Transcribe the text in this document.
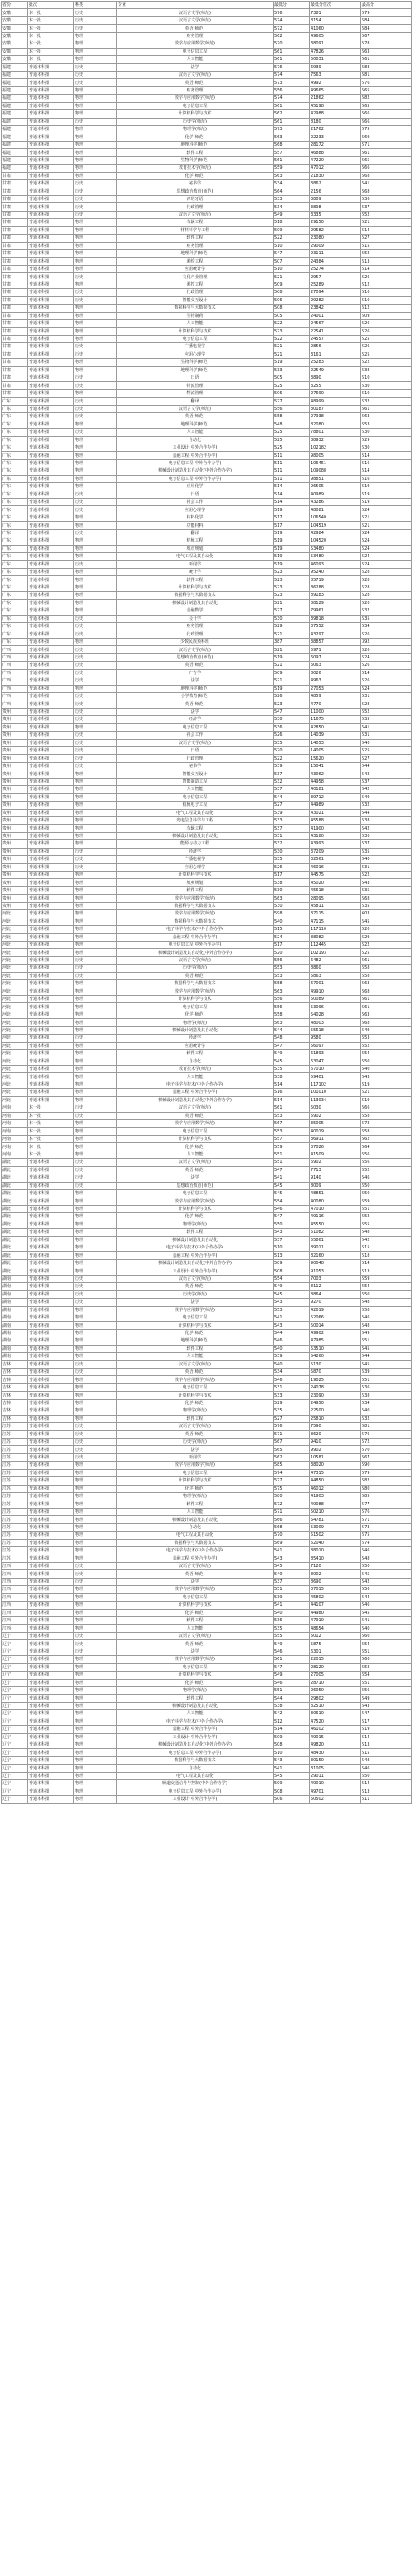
省份	批次	科类	专业	最低分	最低分位次	最高分
安徽	本一批	历史	汉语言文学(师范)	576	7381	579
安徽	本一批	历史	汉语言文学(师范)	574	8154	584
安徽	本一批	历史	英语(师范)	572	41060	584
安徽	本一批	物理	财务管理	562	49605	567
安徽	本一批	物理	数学与应用数学(师范)	570	38091	578
安徽	本一批	物理	电子信息工程	561	47826	563
安徽	本一批	物理	人工智能	561	50031	561
福建	普通本科批	历史	法学	576	6939	583
福建	普通本科批	历史	汉语言文学(师范)	574	7563	581
福建	普通本科批	历史	英语(师范)	573	4992	576
福建	普通本科批	物理	财务管理	556	49665	565
福建	普通本科批	物理	数学与应用数学(师范)	574	21862	582
福建	普通本科批	物理	电子信息工程	561	45198	565
福建	普通本科批	物理	计算机科学与技术	562	42988	566
福建	普通本科批	历史	历史学(师范)	561	8180	566
福建	普通本科批	物理	物理学(师范)	573	21762	575
福建	普通本科批	物理	化学(师范)	563	22233	569
福建	普通本科批	物理	地理科学(师范)	568	28172	571
福建	普通本科批	物理	软件工程	557	46888	561
福建	普通本科批	物理	生物科学(师范)	561	47220	565
福建	普通本科批	物理	教育技术学(师范)	559	47012	566
甘肃	普通本科批	物理	化学(师范)	563	21830	568
甘肃	普通本科批	历史	秘书学	534	3862	541
甘肃	普通本科批	历史	思想政治教育(师范)	564	2156	568
甘肃	普通本科批	历史	西班牙语	533	3809	536
甘肃	普通本科批	历史	行政管理	534	3898	537
甘肃	普通本科批	历史	汉语言文学(师范)	549	3335	552
甘肃	普通本科批	物理	车辆工程	518	29150	521
甘肃	普通本科批	物理	材料科学与工程	509	29582	514
甘肃	普通本科批	物理	软件工程	522	23080	527
甘肃	普通本科批	物理	财务管理	510	29009	515
甘肃	普通本科批	物理	地理科学(师范)	547	23111	552
甘肃	普通本科批	物理	测绘工程	507	24384	513
甘肃	普通本科批	物理	应用统计学	510	25274	514
甘肃	普通本科批	历史	文化产业管理	521	2957	526
甘肃	普通本科批	物理	测控工程	509	25289	512
甘肃	普通本科批	历史	行政管理	508	27094	510
甘肃	普通本科批	历史	智能交互设计	506	29282	510
甘肃	普通本科批	物理	数据科学与大数据技术	508	23842	512
甘肃	普通本科批	物理	生物制药	505	24001	509
甘肃	普通本科批	物理	人工智能	522	24567	526
甘肃	普通本科批	物理	计算机科学与技术	523	22541	526
甘肃	普通本科批	物理	电子信息工程	522	24557	525
甘肃	普通本科批	历史	广播电视学	521	2856	526
甘肃	普通本科批	历史	应用心理学	521	3161	525
甘肃	普通本科批	物理	生物科学(师范)	519	25283	522
甘肃	普通本科批	物理	地理科学(师范)	533	22549	538
甘肃	普通本科批	历史	日语	505	3890	510
甘肃	普通本科批	历史	物流管理	525	3255	530
甘肃	普通本科批	物理	物流管理	506	27690	510
广东	普通本科批	历史	翻译	527	48999	532
广东	普通本科批	历史	汉语言文学(师范)	556	30187	561
广东	普通本科批	历史	英语(师范)	558	27938	563
广东	普通本科批	物理	地理科学(师范)	548	82080	553
广东	普通本科批	历史	人工智能	525	78801	530
广东	普通本科批	物理	自动化	525	88932	529
广东	普通本科批	物理	工业设计(中外合作办学)	525	102182	530
广东	普通本科批	物理	金融工程(中外合作办学)	511	98005	514
广东	普通本科批	物理	电子信息工程(中外合作办学)	511	106451	516
广东	普通本科批	物理	机械设计制造及其自动化(中外合作办学)	511	109088	514
广东	普通本科批	物理	电子信息工程(中外合作办学)	511	98851	516
广东	普通本科批	物理	应用化学	514	96505	519
广东	普通本科批	历史	日语	514	40989	519
广东	普通本科批	历史	社会工作	514	43286	519
广东	普通本科批	历史	应用心理学	519	48081	524
广东	普通本科批	物理	材料化学	517	106540	521
广东	普通本科批	物理	功能材料	517	104519	521
广东	普通本科批	历史	翻译	519	42984	524
广东	普通本科批	物理	机械工程	519	104520	524
广东	普通本科批	物理	城市规划	519	53480	524
广东	普通本科批	物理	电气工程及其自动化	519	53480	524
广东	普通本科批	历史	新闻学	519	46093	524
广东	普通本科批	物理	统计学	523	95240	528
广东	普通本科批	物理	软件工程	523	85719	528
广东	普通本科批	物理	计算机科学与技术	523	86288	528
广东	普通本科批	物理	数据科学与大数据技术	523	89183	528
广东	普通本科批	物理	机械设计制造及其自动化	521	88129	526
广东	普通本科批	物理	金融数学	527	79961	532
广东	普通本科批	历史	会计学	530	39818	535
广东	普通本科批	历史	财务管理	529	37552	534
广东	普通本科批	历史	行政管理	521	43297	526
广东	普通本科批	物理	少数民族预科班	387	38857	392
广西	普通本科批	历史	汉语言文学(师范)	521	5971	526
广西	普通本科批	历史	思想政治教育(师范)	519	6097	524
广西	普通本科批	历史	英语(师范)	521	6063	526
广西	普通本科批	历史	广告学	509	8026	514
广西	普通本科批	历史	法学	521	4963	526
广西	普通本科批	物理	地理科学(师范)	519	27053	524
广西	普通本科批	历史	小学教育(师范)	526	4859	531
广西	普通本科批	历史	英语(师范)	523	4770	528
贵州	普通本科批	历史	法学	547	11000	552
贵州	普通本科批	历史	经济学	530	11675	535
贵州	普通本科批	物理	电子信息工程	536	42850	541
贵州	普通本科批	历史	社会工作	526	14039	531
贵州	普通本科批	历史	汉语言文学(师范)	535	14053	540
贵州	普通本科批	历史	日语	520	14005	525
贵州	普通本科批	历史	行政管理	522	15620	527
贵州	普通本科批	历史	秘书学	539	15041	544
贵州	普通本科批	物理	智能交互设计	537	43062	542
贵州	普通本科批	物理	智能制造工程	532	44958	537
贵州	普通本科批	物理	人工智能	537	40181	542
贵州	普通本科批	物理	电子信息工程	544	39712	549
贵州	普通本科批	物理	机械电子工程	527	44989	532
贵州	普通本科批	物理	电气工程及其自动化	539	43021	544
贵州	普通本科批	物理	光电信息科学与工程	533	45588	538
贵州	普通本科批	物理	车辆工程	537	41900	542
贵州	普通本科批	物理	机械设计制造及其自动化	531	43180	536
贵州	普通本科批	物理	能源与动力工程	532	43993	537
贵州	普通本科批	历史	经济学	530	37209	535
贵州	普通本科批	历史	广播电视学	535	32561	540
贵州	普通本科批	历史	应用心理学	526	46016	531
贵州	普通本科批	物理	计算机科学与技术	517	44575	522
贵州	普通本科批	物理	城乡规划	538	45020	543
贵州	普通本科批	物理	软件工程	530	45618	535
贵州	普通本科批	物理	数学与应用数学(师范)	563	28095	568
贵州	普通本科批	物理	数据科学与大数据技术	530	45811	535
河北	普通本科批	物理	数学与应用数学(师范)	598	37115	603
河北	普通本科批	物理	数据科学与大数据技术	540	47115	545
河北	普通本科批	物理	电子科学与技术(中外合作办学)	515	117110	520
河北	普通本科批	物理	金融工程(中外合作办学)	524	88082	529
河北	普通本科批	物理	电子信息工程(中外合作办学)	517	112445	522
河北	普通本科批	物理	机械设计制造及其自动化(中外合作办学)	520	102193	525
河北	普通本科批	历史	汉语言文学(师范)	556	6482	561
河北	普通本科批	历史	历史学(师范)	553	8860	558
河北	普通本科批	历史	英语(师范)	553	5863	558
河北	普通本科批	物理	数据科学与大数据技术	558	67001	563
河北	普通本科批	物理	数学与应用数学(师范)	563	49910	568
河北	普通本科批	物理	计算机科学与技术	556	50089	561
河北	普通本科批	物理	电子信息工程	556	53096	561
河北	普通本科批	物理	化学(师范)	558	54028	563
河北	普通本科批	物理	物理学(师范)	563	48003	568
河北	普通本科批	物理	机械设计制造及其自动化	544	55618	549
河北	普通本科批	历史	经济学	548	9580	553
河北	普通本科批	物理	应用统计学	547	56097	552
河北	普通本科批	物理	软件工程	549	61893	554
河北	普通本科批	物理	自动化	545	63047	550
河北	普通本科批	物理	教育技术学(师范)	535	67010	540
河北	普通本科批	物理	人工智能	538	59401	543
河北	普通本科批	物理	电子科学与技术(中外合作办学)	514	117102	519
河北	普通本科批	物理	金融工程(中外合作办学)	516	101010	521
河北	普通本科批	物理	机械设计制造及其自动化(中外合作办学)	514	113034	519
河南	本一批	历史	汉语言文学(师范)	561	5030	566
河南	本一批	历史	英语(师范)	553	5902	558
河南	本一批	物理	数学与应用数学(师范)	567	35005	572
河南	本一批	物理	电子信息工程	553	40019	558
河南	本一批	物理	计算机科学与技术	557	36911	562
河南	本一批	物理	化学(师范)	559	37026	564
河南	本一批	物理	人工智能	551	41509	556
湖北	普通本科批	历史	汉语言文学(师范)	551	6902	556
湖北	普通本科批	历史	英语(师范)	547	7713	552
湖北	普通本科批	历史	法学	541	9140	546
湖北	普通本科批	历史	思想政治教育(师范)	545	8009	550
湖北	普通本科批	物理	电子信息工程	545	48851	550
湖北	普通本科批	物理	数学与应用数学(师范)	554	40080	559
湖北	普通本科批	物理	计算机科学与技术	546	47010	551
湖北	普通本科批	物理	化学(师范)	547	49116	552
湖北	普通本科批	物理	物理学(师范)	550	45550	555
湖北	普通本科批	物理	软件工程	543	51082	548
湖北	普通本科批	物理	机械设计制造及其自动化	537	55861	542
湖北	普通本科批	物理	电子科学与技术(中外合作办学)	510	89011	515
湖北	普通本科批	物理	金融工程(中外合作办学)	513	82160	518
湖北	普通本科批	物理	机械设计制造及其自动化(中外合作办学)	509	90048	514
湖北	普通本科批	物理	工业设计(中外合作办学)	508	91053	513
湖南	普通本科批	历史	汉语言文学(师范)	554	7003	559
湖南	普通本科批	历史	英语(师范)	549	8112	554
湖南	普通本科批	历史	历史学(师范)	545	8864	550
湖南	普通本科批	历史	法学	543	9270	548
湖南	普通本科批	物理	数学与应用数学(师范)	553	42019	558
湖南	普通本科批	物理	电子信息工程	541	52066	546
湖南	普通本科批	物理	计算机科学与技术	543	50014	548
湖南	普通本科批	物理	化学(师范)	544	49902	549
湖南	普通本科批	物理	地理科学(师范)	546	47985	551
湖南	普通本科批	物理	软件工程	540	53510	545
湖南	普通本科批	物理	人工智能	539	54260	544
吉林	普通本科批	历史	汉语言文学(师范)	540	5130	545
吉林	普通本科批	历史	英语(师范)	534	5870	539
吉林	普通本科批	物理	数学与应用数学(师范)	546	19025	551
吉林	普通本科批	物理	电子信息工程	531	24078	536
吉林	普通本科批	物理	计算机科学与技术	533	23090	538
吉林	普通本科批	物理	化学(师范)	529	24950	534
吉林	普通本科批	物理	物理学(师范)	535	22500	540
吉林	普通本科批	物理	软件工程	527	25810	532
江苏	普通本科批	历史	汉语言文学(师范)	576	7590	581
江苏	普通本科批	历史	英语(师范)	571	8620	576
江苏	普通本科批	历史	历史学(师范)	567	9410	572
江苏	普通本科批	历史	法学	565	9902	570
江苏	普通本科批	历史	新闻学	562	10581	567
江苏	普通本科批	物理	数学与应用数学(师范)	585	38020	590
江苏	普通本科批	物理	电子信息工程	574	47315	579
江苏	普通本科批	物理	计算机科学与技术	577	44850	582
江苏	普通本科批	物理	化学(师范)	575	46012	580
江苏	普通本科批	物理	物理学(师范)	580	41903	585
江苏	普通本科批	物理	软件工程	572	49088	577
江苏	普通本科批	物理	人工智能	571	50210	576
江苏	普通本科批	物理	机械设计制造及其自动化	566	54781	571
江苏	普通本科批	物理	自动化	568	53009	573
江苏	普通本科批	物理	电气工程及其自动化	570	51502	575
江苏	普通本科批	物理	数据科学与大数据技术	569	52040	574
江苏	普通本科批	物理	电子科学与技术(中外合作办学)	541	88010	546
江苏	普通本科批	物理	金融工程(中外合作办学)	543	85410	548
江西	普通本科批	历史	汉语言文学(师范)	545	7120	550
江西	普通本科批	历史	英语(师范)	540	8002	545
江西	普通本科批	历史	法学	537	8690	542
江西	普通本科批	物理	数学与应用数学(师范)	551	37015	556
江西	普通本科批	物理	电子信息工程	539	45802	544
江西	普通本科批	物理	计算机科学与技术	541	44107	546
江西	普通本科批	物理	化学(师范)	540	44980	545
江西	普通本科批	物理	软件工程	536	47910	541
江西	普通本科批	物理	人工智能	535	48654	540
辽宁	普通本科批	历史	汉语言文学(师范)	555	5012	560
辽宁	普通本科批	历史	英语(师范)	549	5875	554
辽宁	普通本科批	历史	法学	546	6301	551
辽宁	普通本科批	物理	数学与应用数学(师范)	561	22015	566
辽宁	普通本科批	物理	电子信息工程	547	28120	552
辽宁	普通本科批	物理	计算机科学与技术	549	27005	554
辽宁	普通本科批	物理	化学(师范)	546	28710	551
辽宁	普通本科批	物理	物理学(师范)	551	26050	556
辽宁	普通本科批	物理	软件工程	544	29802	549
辽宁	普通本科批	物理	机械设计制造及其自动化	538	32510	543
辽宁	普通本科批	物理	人工智能	542	30610	547
辽宁	普通本科批	物理	电子科学与技术(中外合作办学)	512	47520	517
辽宁	普通本科批	物理	金融工程(中外合作办学)	514	46102	519
辽宁	普通本科批	物理	工业设计(中外合作办学)	509	49015	514
辽宁	普通本科批	物理	机械设计制造及其自动化(中外合作办学)	508	49820	513
辽宁	普通本科批	物理	电子信息工程(中外合作办学)	510	48430	515
辽宁	普通本科批	物理	数据科学与大数据技术	543	30150	548
辽宁	普通本科批	物理	自动化	541	31005	546
辽宁	普通本科批	物理	电气工程及其自动化	545	29011	550
辽宁	普通本科批	物理	轨道交通信号与控制(中外合作办学)	509	49010	514
辽宁	普通本科批	物理	电子信息工程(中外合作办学)	508	49701	513
辽宁	普通本科批	物理	工业设计(中外合作办学)	506	50502	511
